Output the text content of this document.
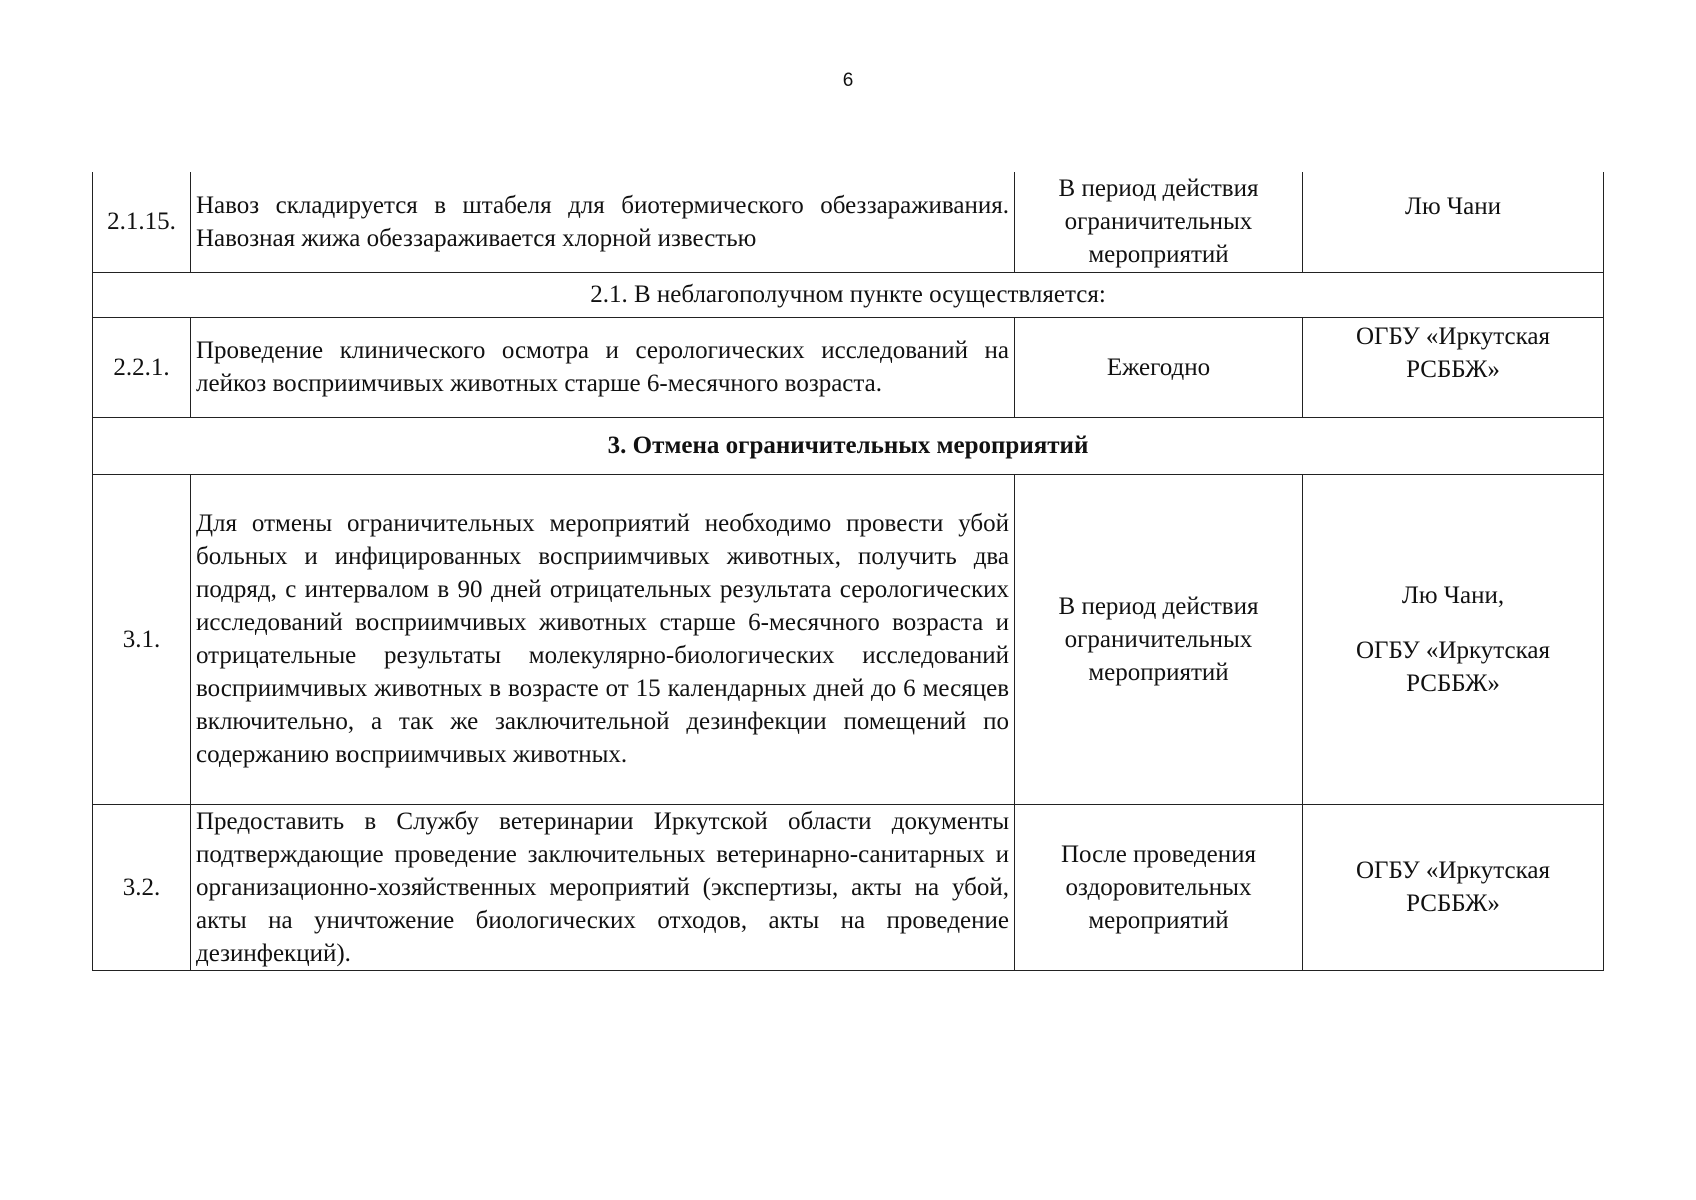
6
2.1.15.	Навоз складируется в штабеля для биотермического обеззараживания. Навозная жижа обеззараживается хлорной известью	В период действия ограничительных мероприятий	Лю Чани
2.1. В неблагополучном пункте осуществляется:			
2.2.1.	Проведение клинического осмотра и серологических исследований на лейкоз восприимчивых животных старше 6-месячного возраста.	Ежегодно	ОГБУ «Иркутская РСББЖ»
3. Отмена ограничительных мероприятий			
3.1.	Для отмены ограничительных мероприятий необходимо провести убой больных и инфицированных восприимчивых животных, получить два подряд, с интервалом в 90 дней отрицательных результата серологических исследований восприимчивых животных старше 6-месячного возраста и отрицательные результаты молекулярно-биологических исследований восприимчивых животных в возрасте от 15 календарных дней до 6 месяцев включительно, а так же заключительной дезинфекции помещений по содержанию восприимчивых животных.	В период действия ограничительных мероприятий	Лю Чани,
ОГБУ «Иркутская РСББЖ»

3.2.	Предоставить в Службу ветеринарии Иркутской области документы подтверждающие проведение заключительных ветеринарно-санитарных и организационно-хозяйственных мероприятий (экспертизы, акты на убой, акты на уничтожение биологических отходов, акты на проведение дезинфекций).	После проведения оздоровительных мероприятий	ОГБУ «Иркутская РСББЖ»
